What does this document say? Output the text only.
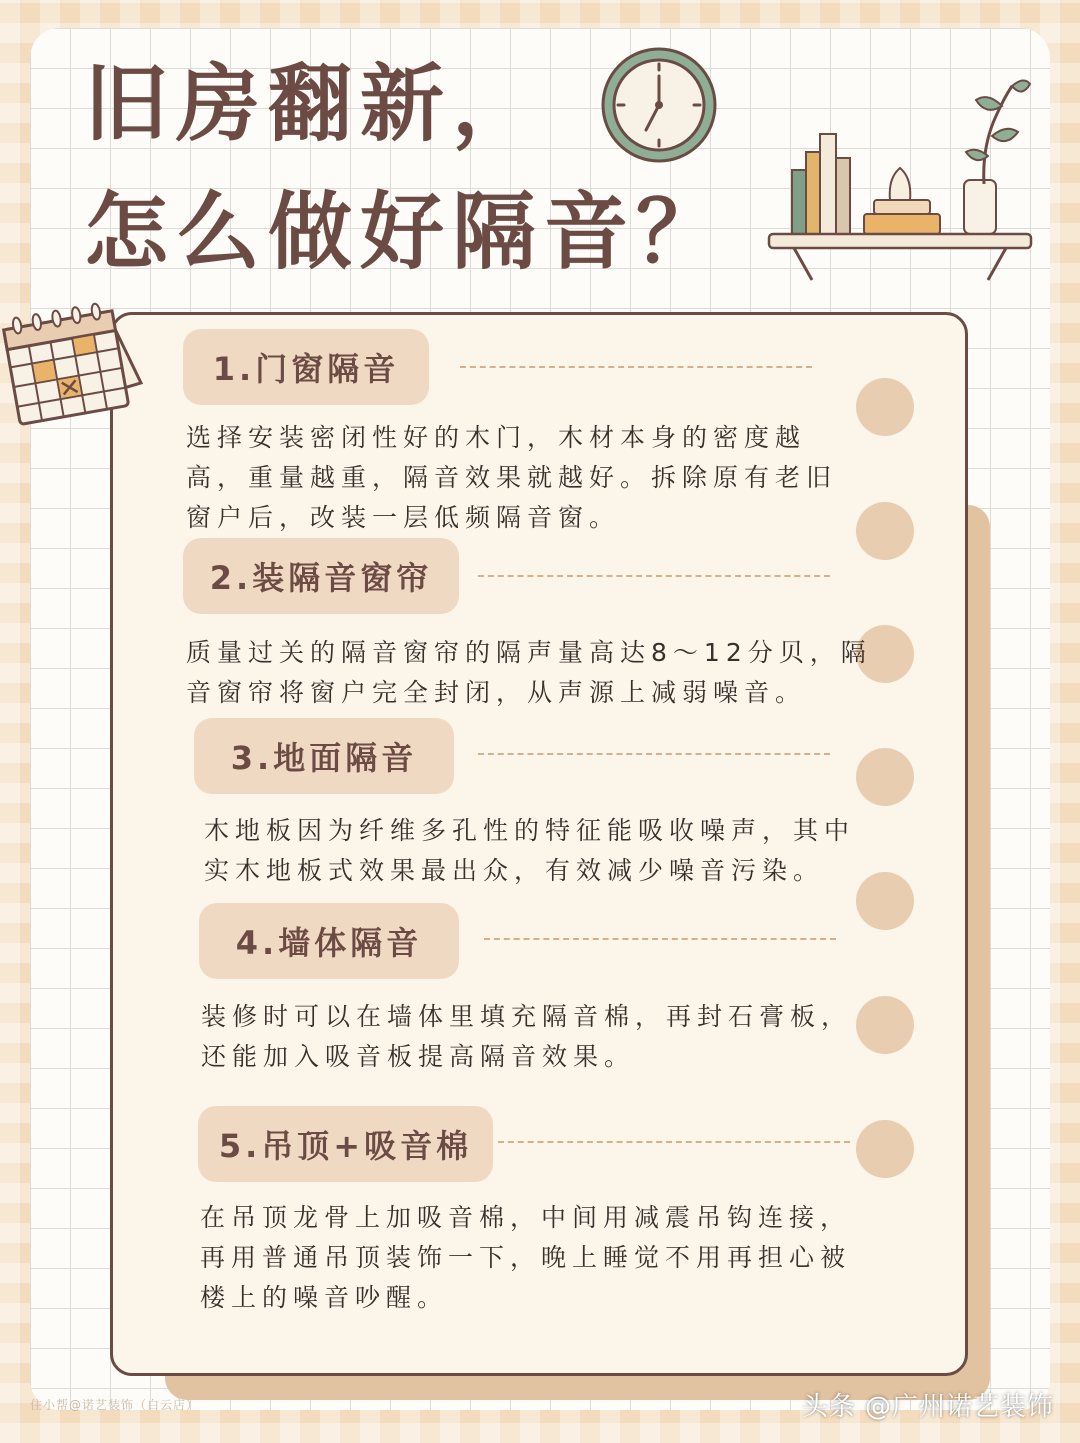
旧房翻新，
怎么做好隔音？
1.门窗隔音

选择安装密闭性好的木门，木材本身的密度越
高，重量越重，隔音效果就越好。拆除原有老旧
窗户后，改装一层低频隔音窗。

2.装隔音窗帘

质量过关的隔音窗帘的隔声量高达8～12分贝，隔
音窗帘将窗户完全封闭，从声源上减弱噪音。

3.地面隔音

木地板因为纤维多孔性的特征能吸收噪声，其中
实木地板式效果最出众，有效减少噪音污染。

4.墙体隔音

装修时可以在墙体里填充隔音棉，再封石膏板，
还能加入吸音板提高隔音效果。

5.吊顶+吸音棉

在吊顶龙骨上加吸音棉，中间用减震吊钩连接，
再用普通吊顶装饰一下，晚上睡觉不用再担心被
楼上的噪音吵醒。

住小帮@诺艺装饰（白云店）	头条 @广州诺艺装饰
